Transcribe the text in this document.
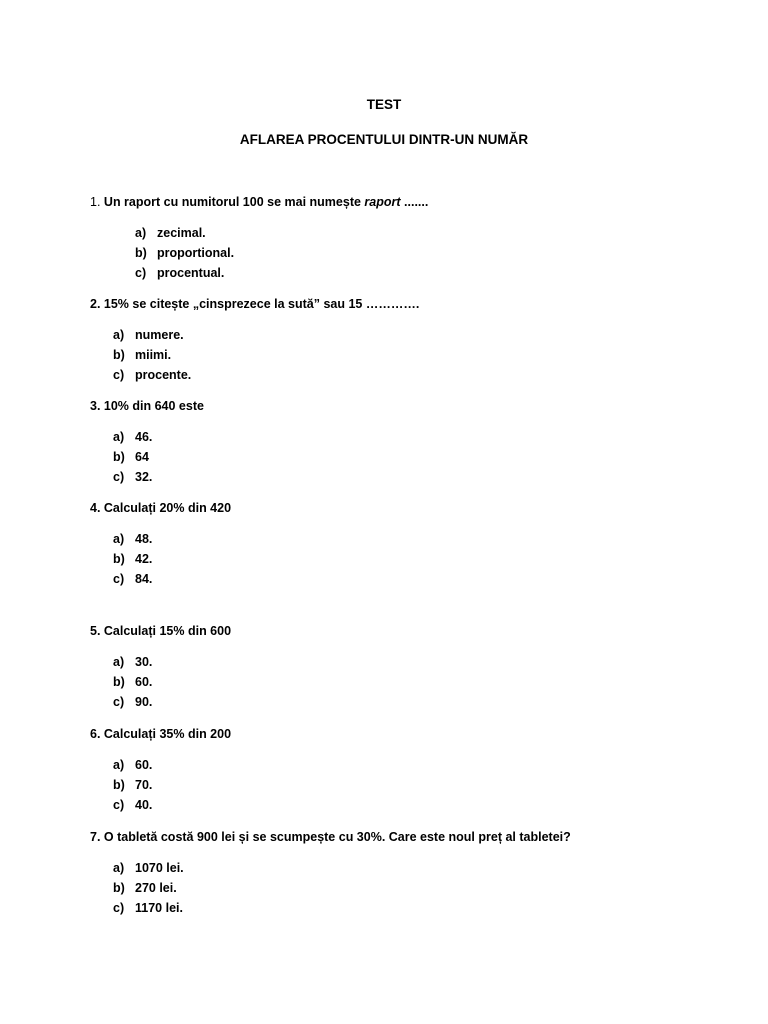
TEST
AFLAREA PROCENTULUI DINTR-UN NUMĂR
1. Un raport cu numitorul 100 se mai numește raport .......
a) zecimal.
b) proportional.
c) procentual.
2. 15% se citește „cinsprezece la sută” sau 15 ………….
a) numere.
b) miimi.
c) procente.
3. 10% din 640 este
a) 46.
b) 64
c) 32.
4. Calculați 20% din 420
a) 48.
b) 42.
c) 84.
5. Calculați 15% din 600
a) 30.
b) 60.
c) 90.
6. Calculați 35% din 200
a) 60.
b) 70.
c) 40.
7. O tabletă costă 900 lei și se scumpește cu 30%. Care este noul preț al tabletei?
a) 1070 lei.
b) 270 lei.
c) 1170 lei.
